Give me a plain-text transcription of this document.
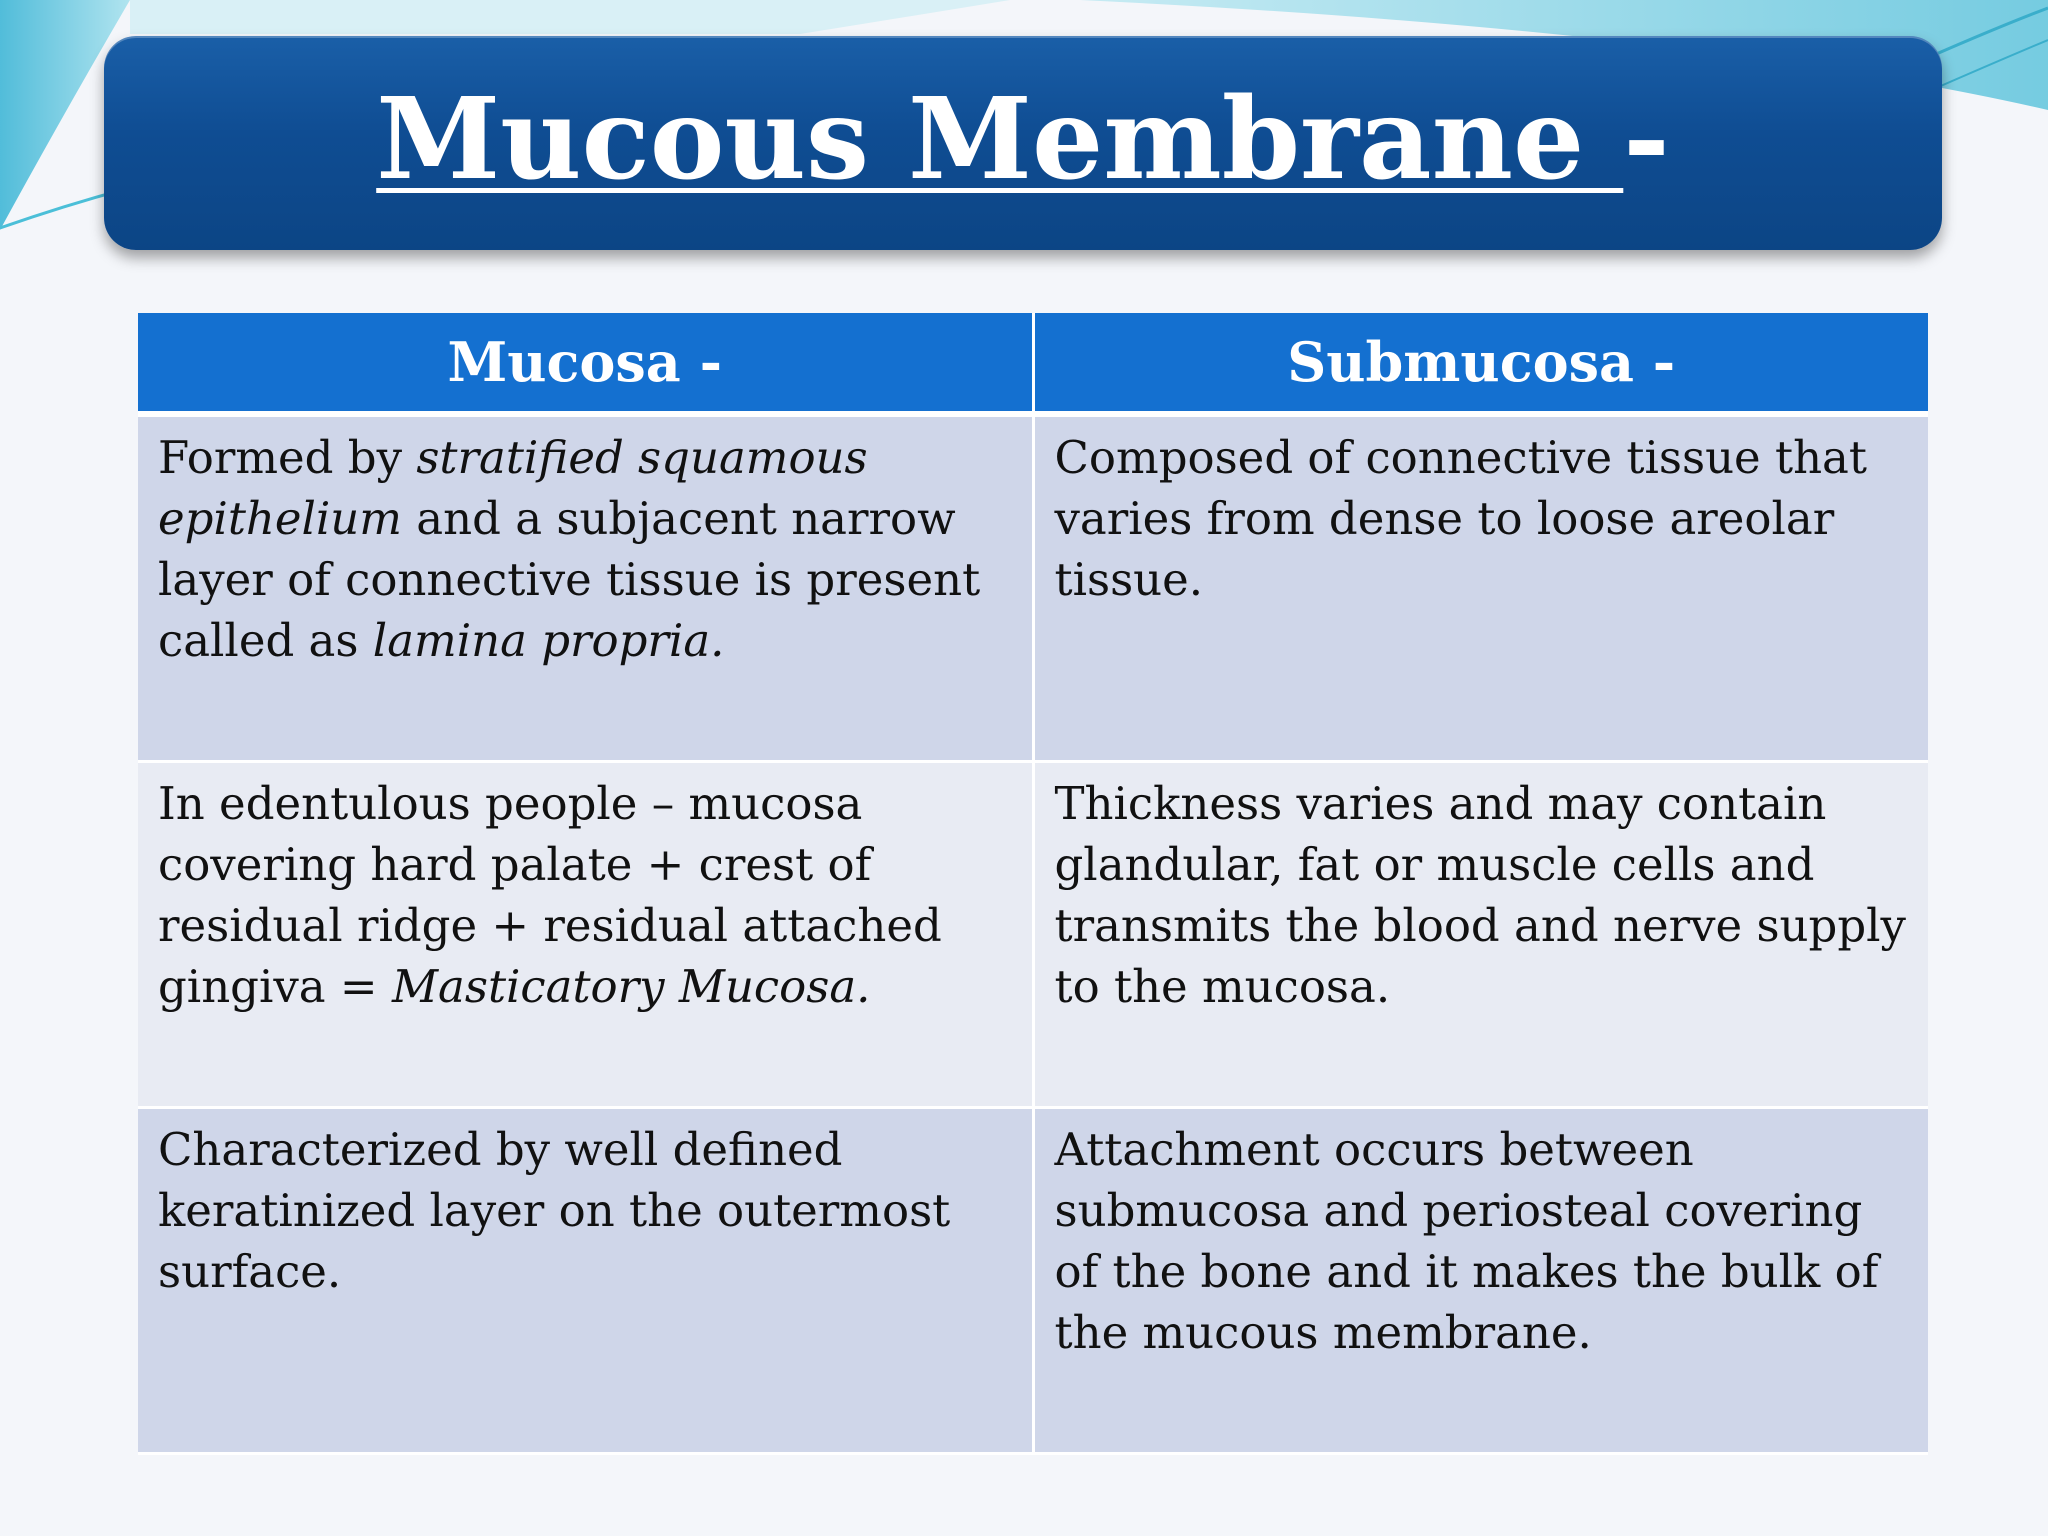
Mucous Membrane -
Mucosa -	Submucosa -
Formed by stratified squamous epithelium and a subjacent narrow layer of connective tissue is present called as lamina propria.	Composed of connective tissue that varies from dense to loose areolar tissue.
In edentulous people – mucosa covering hard palate + crest of residual ridge + residual attached gingiva = Masticatory Mucosa.	Thickness varies and may contain glandular, fat or muscle cells and transmits the blood and nerve supply to the mucosa.
Characterized by well defined keratinized layer on the outermost surface.	Attachment occurs between submucosa and periosteal covering of the bone and it makes the bulk of the mucous membrane.
